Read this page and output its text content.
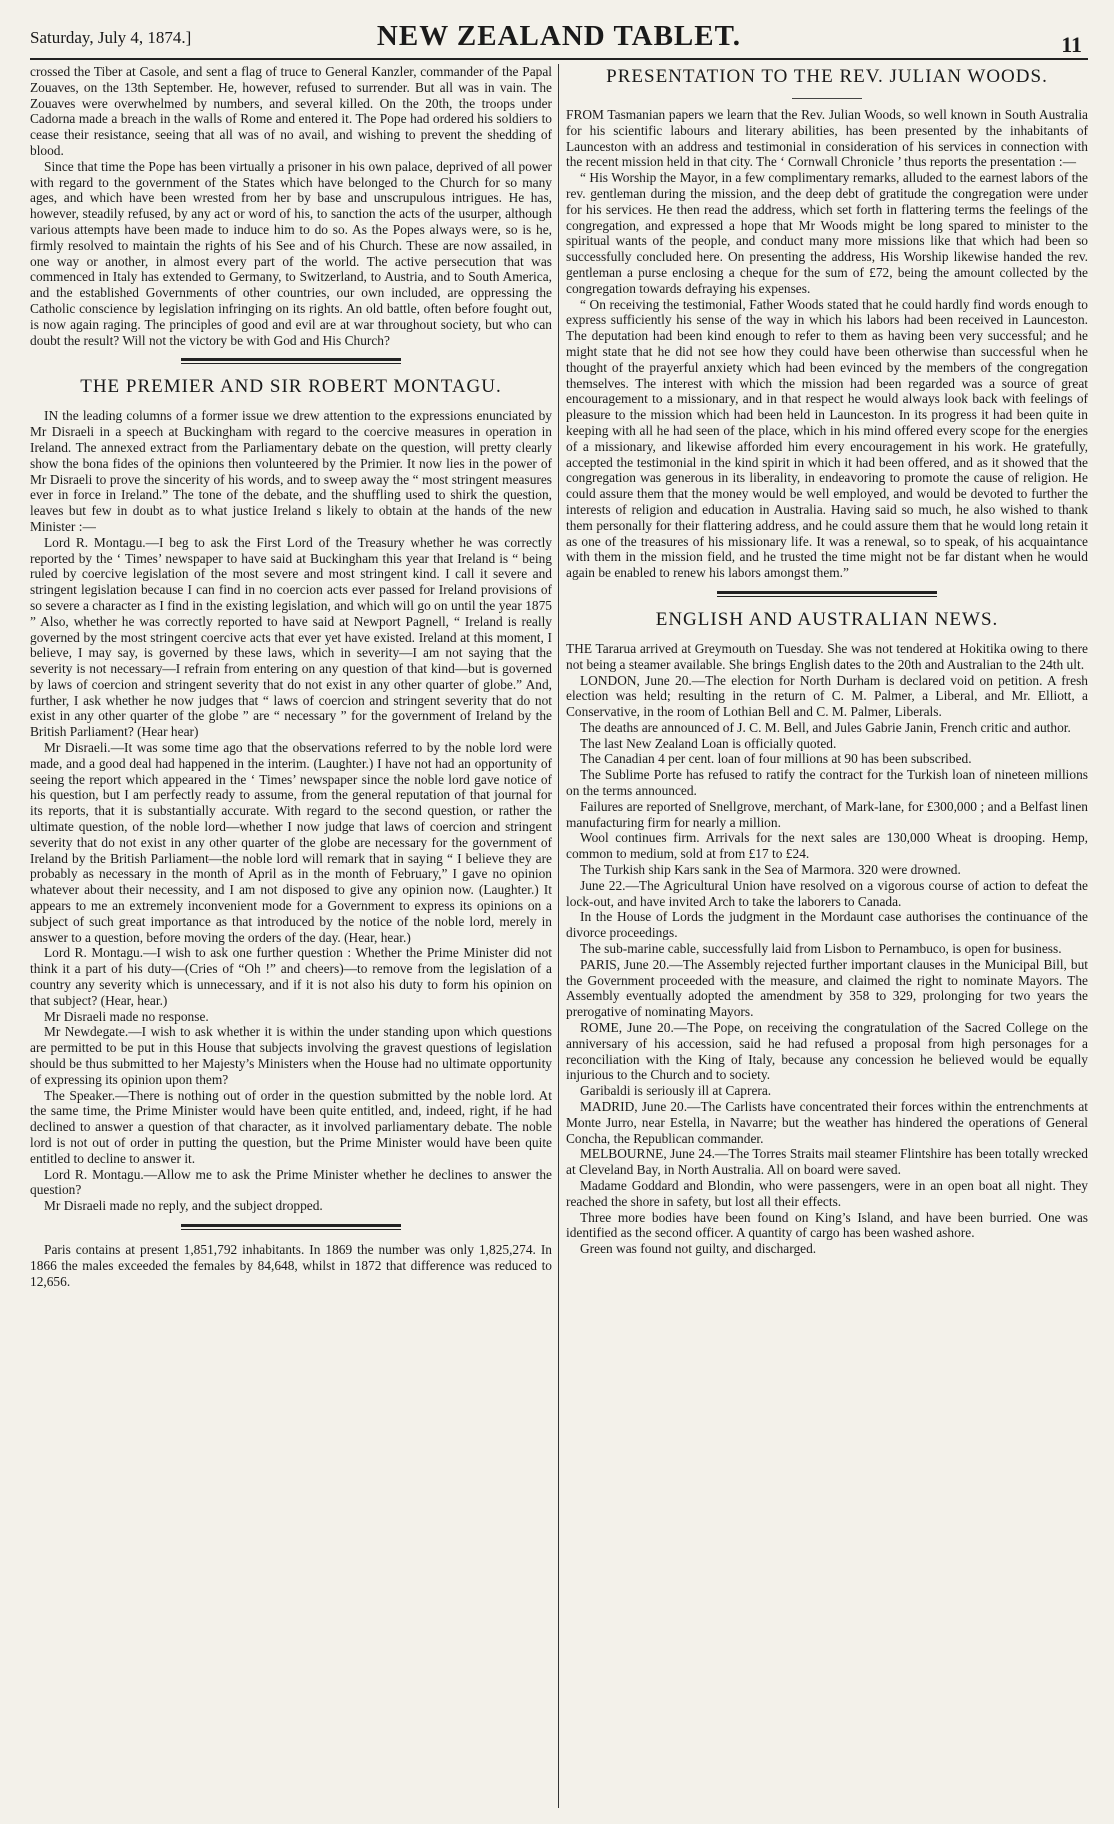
Saturday, July 4, 1874.]	NEW ZEALAND TABLET.	11

crossed the Tiber at Casole, and sent a flag of truce to General Kanzler, commander of the Papal Zouaves, on the 13th September. He, however, refused to surrender. But all was in vain. The Zouaves were overwhelmed by numbers, and several killed. On the 20th, the troops under Cadorna made a breach in the walls of Rome and entered it. The Pope had ordered his soldiers to cease their resistance, seeing that all was of no avail, and wishing to prevent the shedding of blood.

Since that time the Pope has been virtually a prisoner in his own palace, deprived of all power with regard to the government of the States which have belonged to the Church for so many ages, and which have been wrested from her by base and unscrupulous intrigues. He has, however, steadily refused, by any act or word of his, to sanction the acts of the usurper, although various attempts have been made to induce him to do so. As the Popes always were, so is he, firmly resolved to maintain the rights of his See and of his Church. These are now assailed, in one way or another, in almost every part of the world. The active persecution that was commenced in Italy has extended to Germany, to Switzerland, to Austria, and to South America, and the established Governments of other countries, our own included, are oppressing the Catholic conscience by legislation infringing on its rights. An old battle, often before fought out, is now again raging. The principles of good and evil are at war throughout society, but who can doubt the result? Will not the victory be with God and His Church?

THE PREMIER AND SIR ROBERT MONTAGU.

IN the leading columns of a former issue we drew attention to the expressions enunciated by Mr Disraeli in a speech at Buckingham with regard to the coercive measures in operation in Ireland. The annexed extract from the Parliamentary debate on the question, will pretty clearly show the bona fides of the opinions then volunteered by the Primier. It now lies in the power of Mr Disraeli to prove the sincerity of his words, and to sweep away the “ most stringent measures ever in force in Ireland.” The tone of the debate, and the shuffling used to shirk the question, leaves but few in doubt as to what justice Ireland s likely to obtain at the hands of the new Minister :—

Lord R. Montagu.—I beg to ask the First Lord of the Treasury whether he was correctly reported by the ‘ Times’ newspaper to have said at Buckingham this year that Ireland is “ being ruled by coercive legislation of the most severe and most stringent kind. I call it severe and stringent legislation because I can find in no coercion acts ever passed for Ireland provisions of so severe a character as I find in the existing legislation, and which will go on until the year 1875 ” Also, whether he was correctly reported to have said at Newport Pagnell, “ Ireland is really governed by the most stringent coercive acts that ever yet have existed. Ireland at this moment, I believe, I may say, is governed by these laws, which in severity—I am not saying that the severity is not necessary—I refrain from entering on any question of that kind—but is governed by laws of coercion and stringent severity that do not exist in any other quarter of globe.” And, further, I ask whether he now judges that “ laws of coercion and stringent severity that do not exist in any other quarter of the globe ” are “ necessary ” for the government of Ireland by the British Parliament? (Hear hear)

Mr Disraeli.—It was some time ago that the observations referred to by the noble lord were made, and a good deal had happened in the interim. (Laughter.) I have not had an opportunity of seeing the report which appeared in the ‘ Times’ newspaper since the noble lord gave notice of his question, but I am perfectly ready to assume, from the general reputation of that journal for its reports, that it is substantially accurate. With regard to the second question, or rather the ultimate question, of the noble lord—whether I now judge that laws of coercion and stringent severity that do not exist in any other quarter of the globe are necessary for the government of Ireland by the British Parliament—the noble lord will remark that in saying “ I believe they are probably as necessary in the month of April as in the month of February,” I gave no opinion whatever about their necessity, and I am not disposed to give any opinion now. (Laughter.) It appears to me an extremely inconvenient mode for a Government to express its opinions on a subject of such great importance as that introduced by the notice of the noble lord, merely in answer to a question, before moving the orders of the day. (Hear, hear.)

Lord R. Montagu.—I wish to ask one further question : Whether the Prime Minister did not think it a part of his duty—(Cries of “Oh !” and cheers)—to remove from the legislation of a country any severity which is unnecessary, and if it is not also his duty to form his opinion on that subject? (Hear, hear.)

Mr Disraeli made no response.

Mr Newdegate.—I wish to ask whether it is within the under standing upon which questions are permitted to be put in this House that subjects involving the gravest questions of legislation should be thus submitted to her Majesty’s Ministers when the House had no ultimate opportunity of expressing its opinion upon them?

The Speaker.—There is nothing out of order in the question submitted by the noble lord. At the same time, the Prime Minister would have been quite entitled, and, indeed, right, if he had declined to answer a question of that character, as it involved parliamentary debate. The noble lord is not out of order in putting the question, but the Prime Minister would have been quite entitled to decline to answer it.

Lord R. Montagu.—Allow me to ask the Prime Minister whether he declines to answer the question?

Mr Disraeli made no reply, and the subject dropped.

Paris contains at present 1,851,792 inhabitants. In 1869 the number was only 1,825,274. In 1866 the males exceeded the females by 84,648, whilst in 1872 that difference was reduced to 12,656.

PRESENTATION TO THE REV. JULIAN WOODS.

FROM Tasmanian papers we learn that the Rev. Julian Woods, so well known in South Australia for his scientific labours and literary abilities, has been presented by the inhabitants of Launceston with an address and testimonial in consideration of his services in connection with the recent mission held in that city. The ‘ Cornwall Chronicle ’ thus reports the presentation :—

“ His Worship the Mayor, in a few complimentary remarks, alluded to the earnest labors of the rev. gentleman during the mission, and the deep debt of gratitude the congregation were under for his services. He then read the address, which set forth in flattering terms the feelings of the congregation, and expressed a hope that Mr Woods might be long spared to minister to the spiritual wants of the people, and conduct many more missions like that which had been so successfully concluded here. On presenting the address, His Worship likewise handed the rev. gentleman a purse enclosing a cheque for the sum of £72, being the amount collected by the congregation towards defraying his expenses.

“ On receiving the testimonial, Father Woods stated that he could hardly find words enough to express sufficiently his sense of the way in which his labors had been received in Launceston. The deputation had been kind enough to refer to them as having been very successful; and he might state that he did not see how they could have been otherwise than successful when he thought of the prayerful anxiety which had been evinced by the members of the congregation themselves. The interest with which the mission had been regarded was a source of great encouragement to a missionary, and in that respect he would always look back with feelings of pleasure to the mission which had been held in Launceston. In its progress it had been quite in keeping with all he had seen of the place, which in his mind offered every scope for the energies of a missionary, and likewise afforded him every encouragement in his work. He gratefully, accepted the testimonial in the kind spirit in which it had been offered, and as it showed that the congregation was generous in its liberality, in endeavoring to promote the cause of religion. He could assure them that the money would be well employed, and would be devoted to further the interests of religion and education in Australia. Having said so much, he also wished to thank them personally for their flattering address, and he could assure them that he would long retain it as one of the treasures of his missionary life. It was a renewal, so to speak, of his acquaintance with them in the mission field, and he trusted the time might not be far distant when he would again be enabled to renew his labors amongst them.”

ENGLISH AND AUSTRALIAN NEWS.

THE Tararua arrived at Greymouth on Tuesday. She was not tendered at Hokitika owing to there not being a steamer available. She brings English dates to the 20th and Australian to the 24th ult.

LONDON, June 20.—The election for North Durham is declared void on petition. A fresh election was held; resulting in the return of C. M. Palmer, a Liberal, and Mr. Elliott, a Conservative, in the room of Lothian Bell and C. M. Palmer, Liberals.

The deaths are announced of J. C. M. Bell, and Jules Gabrie Janin, French critic and author.

The last New Zealand Loan is officially quoted.

The Canadian 4 per cent. loan of four millions at 90 has been subscribed.

The Sublime Porte has refused to ratify the contract for the Turkish loan of nineteen millions on the terms announced.

Failures are reported of Snellgrove, merchant, of Mark-lane, for £300,000 ; and a Belfast linen manufacturing firm for nearly a million.

Wool continues firm. Arrivals for the next sales are 130,000 Wheat is drooping. Hemp, common to medium, sold at from £17 to £24.

The Turkish ship Kars sank in the Sea of Marmora. 320 were drowned.

June 22.—The Agricultural Union have resolved on a vigorous course of action to defeat the lock-out, and have invited Arch to take the laborers to Canada.

In the House of Lords the judgment in the Mordaunt case authorises the continuance of the divorce proceedings.

The sub-marine cable, successfully laid from Lisbon to Pernambuco, is open for business.

PARIS, June 20.—The Assembly rejected further important clauses in the Municipal Bill, but the Government proceeded with the measure, and claimed the right to nominate Mayors. The Assembly eventually adopted the amendment by 358 to 329, prolonging for two years the prerogative of nominating Mayors.

ROME, June 20.—The Pope, on receiving the congratulation of the Sacred College on the anniversary of his accession, said he had refused a proposal from high personages for a reconciliation with the King of Italy, because any concession he believed would be equally injurious to the Church and to society.

Garibaldi is seriously ill at Caprera.

MADRID, June 20.—The Carlists have concentrated their forces within the entrenchments at Monte Jurro, near Estella, in Navarre; but the weather has hindered the operations of General Concha, the Republican commander.

MELBOURNE, June 24.—The Torres Straits mail steamer Flintshire has been totally wrecked at Cleveland Bay, in North Australia. All on board were saved.

Madame Goddard and Blondin, who were passengers, were in an open boat all night. They reached the shore in safety, but lost all their effects.

Three more bodies have been found on King’s Island, and have been burried. One was identified as the second officer. A quantity of cargo has been washed ashore.

Green was found not guilty, and discharged.
